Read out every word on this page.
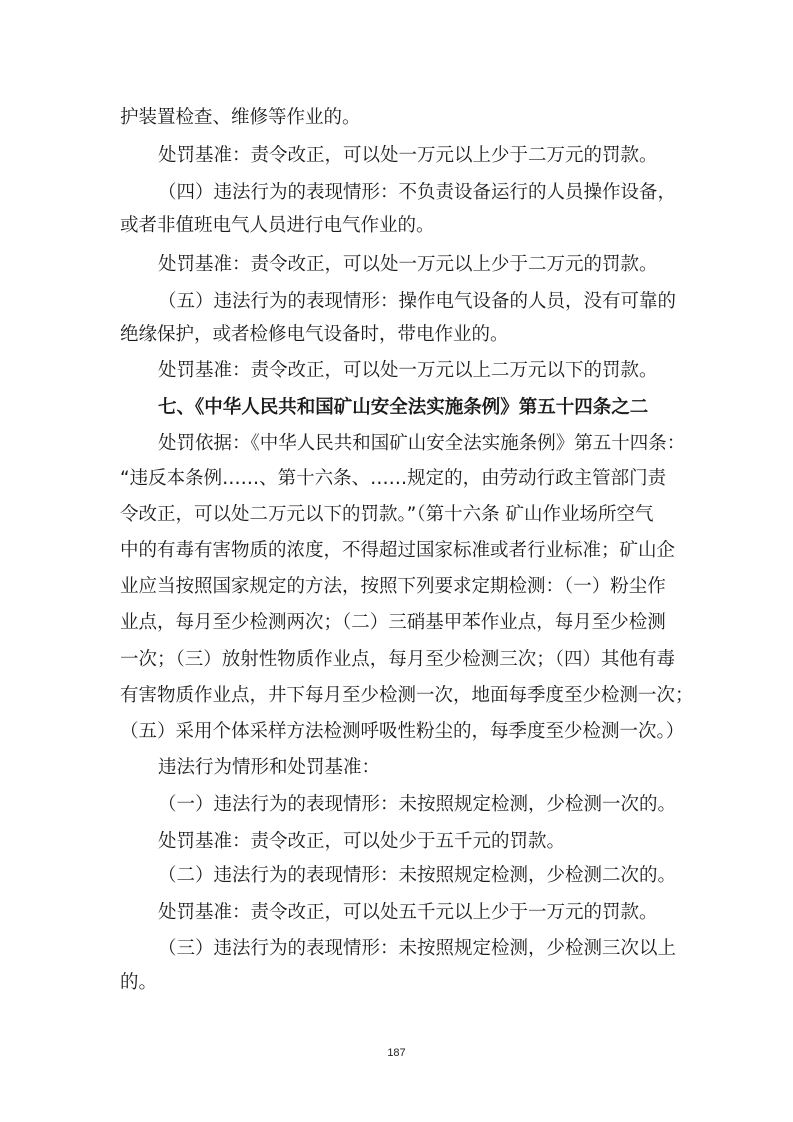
护装置检查、维修等作业的。
处罚基准：责令改正，可以处一万元以上少于二万元的罚款。
（四）违法行为的表现情形：不负责设备运行的人员操作设备，
或者非值班电气人员进行电气作业的。
处罚基准：责令改正，可以处一万元以上少于二万元的罚款。
（五）违法行为的表现情形：操作电气设备的人员，没有可靠的
绝缘保护，或者检修电气设备时，带电作业的。
处罚基准：责令改正，可以处一万元以上二万元以下的罚款。
七、《中华人民共和国矿山安全法实施条例》第五十四条之二
处罚依据：《中华人民共和国矿山安全法实施条例》第五十四条：
“违反本条例……、第十六条、……规定的，由劳动行政主管部门责
令改正，可以处二万元以下的罚款。”（第十六条 矿山作业场所空气
中的有毒有害物质的浓度，不得超过国家标准或者行业标准；矿山企
业应当按照国家规定的方法，按照下列要求定期检测：（一）粉尘作
业点，每月至少检测两次；（二）三硝基甲苯作业点，每月至少检测
一次；（三）放射性物质作业点，每月至少检测三次；（四）其他有毒
有害物质作业点，井下每月至少检测一次，地面每季度至少检测一次；
（五）采用个体采样方法检测呼吸性粉尘的，每季度至少检测一次。）
违法行为情形和处罚基准：
（一）违法行为的表现情形：未按照规定检测，少检测一次的。
处罚基准：责令改正，可以处少于五千元的罚款。
（二）违法行为的表现情形：未按照规定检测，少检测二次的。
处罚基准：责令改正，可以处五千元以上少于一万元的罚款。
（三）违法行为的表现情形：未按照规定检测，少检测三次以上
的。
187
